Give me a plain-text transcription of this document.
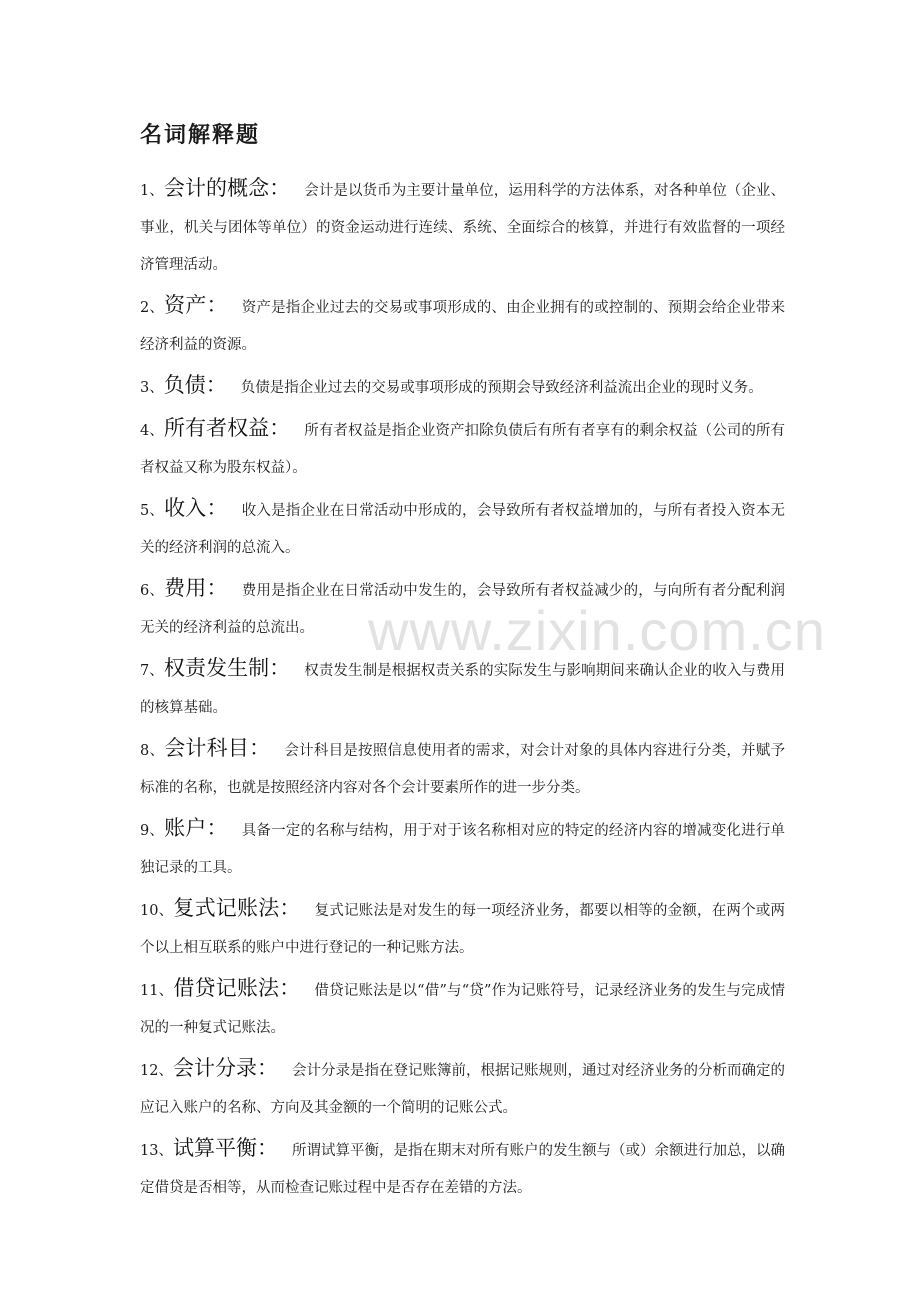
名词解释题

1、会计的概念： 会计是以货币为主要计量单位，运用科学的方法体系，对各种单位（企业、事业，机关与团体等单位）的资金运动进行连续、系统、全面综合的核算，并进行有效监督的一项经济管理活动。

2、资产： 资产是指企业过去的交易或事项形成的、由企业拥有的或控制的、预期会给企业带来经济利益的资源。

3、负债： 负债是指企业过去的交易或事项形成的预期会导致经济利益流出企业的现时义务。

4、所有者权益： 所有者权益是指企业资产扣除负债后有所有者享有的剩余权益（公司的所有者权益又称为股东权益）。

5、收入： 收入是指企业在日常活动中形成的，会导致所有者权益增加的，与所有者投入资本无关的经济利润的总流入。

6、费用： 费用是指企业在日常活动中发生的，会导致所有者权益减少的，与向所有者分配利润无关的经济利益的总流出。

7、权责发生制： 权责发生制是根据权责关系的实际发生与影响期间来确认企业的收入与费用的核算基础。

8、会计科目： 会计科目是按照信息使用者的需求，对会计对象的具体内容进行分类，并赋予标准的名称，也就是按照经济内容对各个会计要素所作的进一步分类。

9、账户： 具备一定的名称与结构，用于对于该名称相对应的特定的经济内容的增减变化进行单独记录的工具。

10、复式记账法： 复式记账法是对发生的每一项经济业务，都要以相等的金额，在两个或两个以上相互联系的账户中进行登记的一种记账方法。

11、借贷记账法： 借贷记账法是以“借”与“贷”作为记账符号，记录经济业务的发生与完成情况的一种复式记账法。

12、会计分录： 会计分录是指在登记账簿前，根据记账规则，通过对经济业务的分析而确定的应记入账户的名称、方向及其金额的一个简明的记账公式。

13、试算平衡： 所谓试算平衡，是指在期末对所有账户的发生额与（或）余额进行加总，以确定借贷是否相等，从而检查记账过程中是否存在差错的方法。

www.zixin.com.cn
